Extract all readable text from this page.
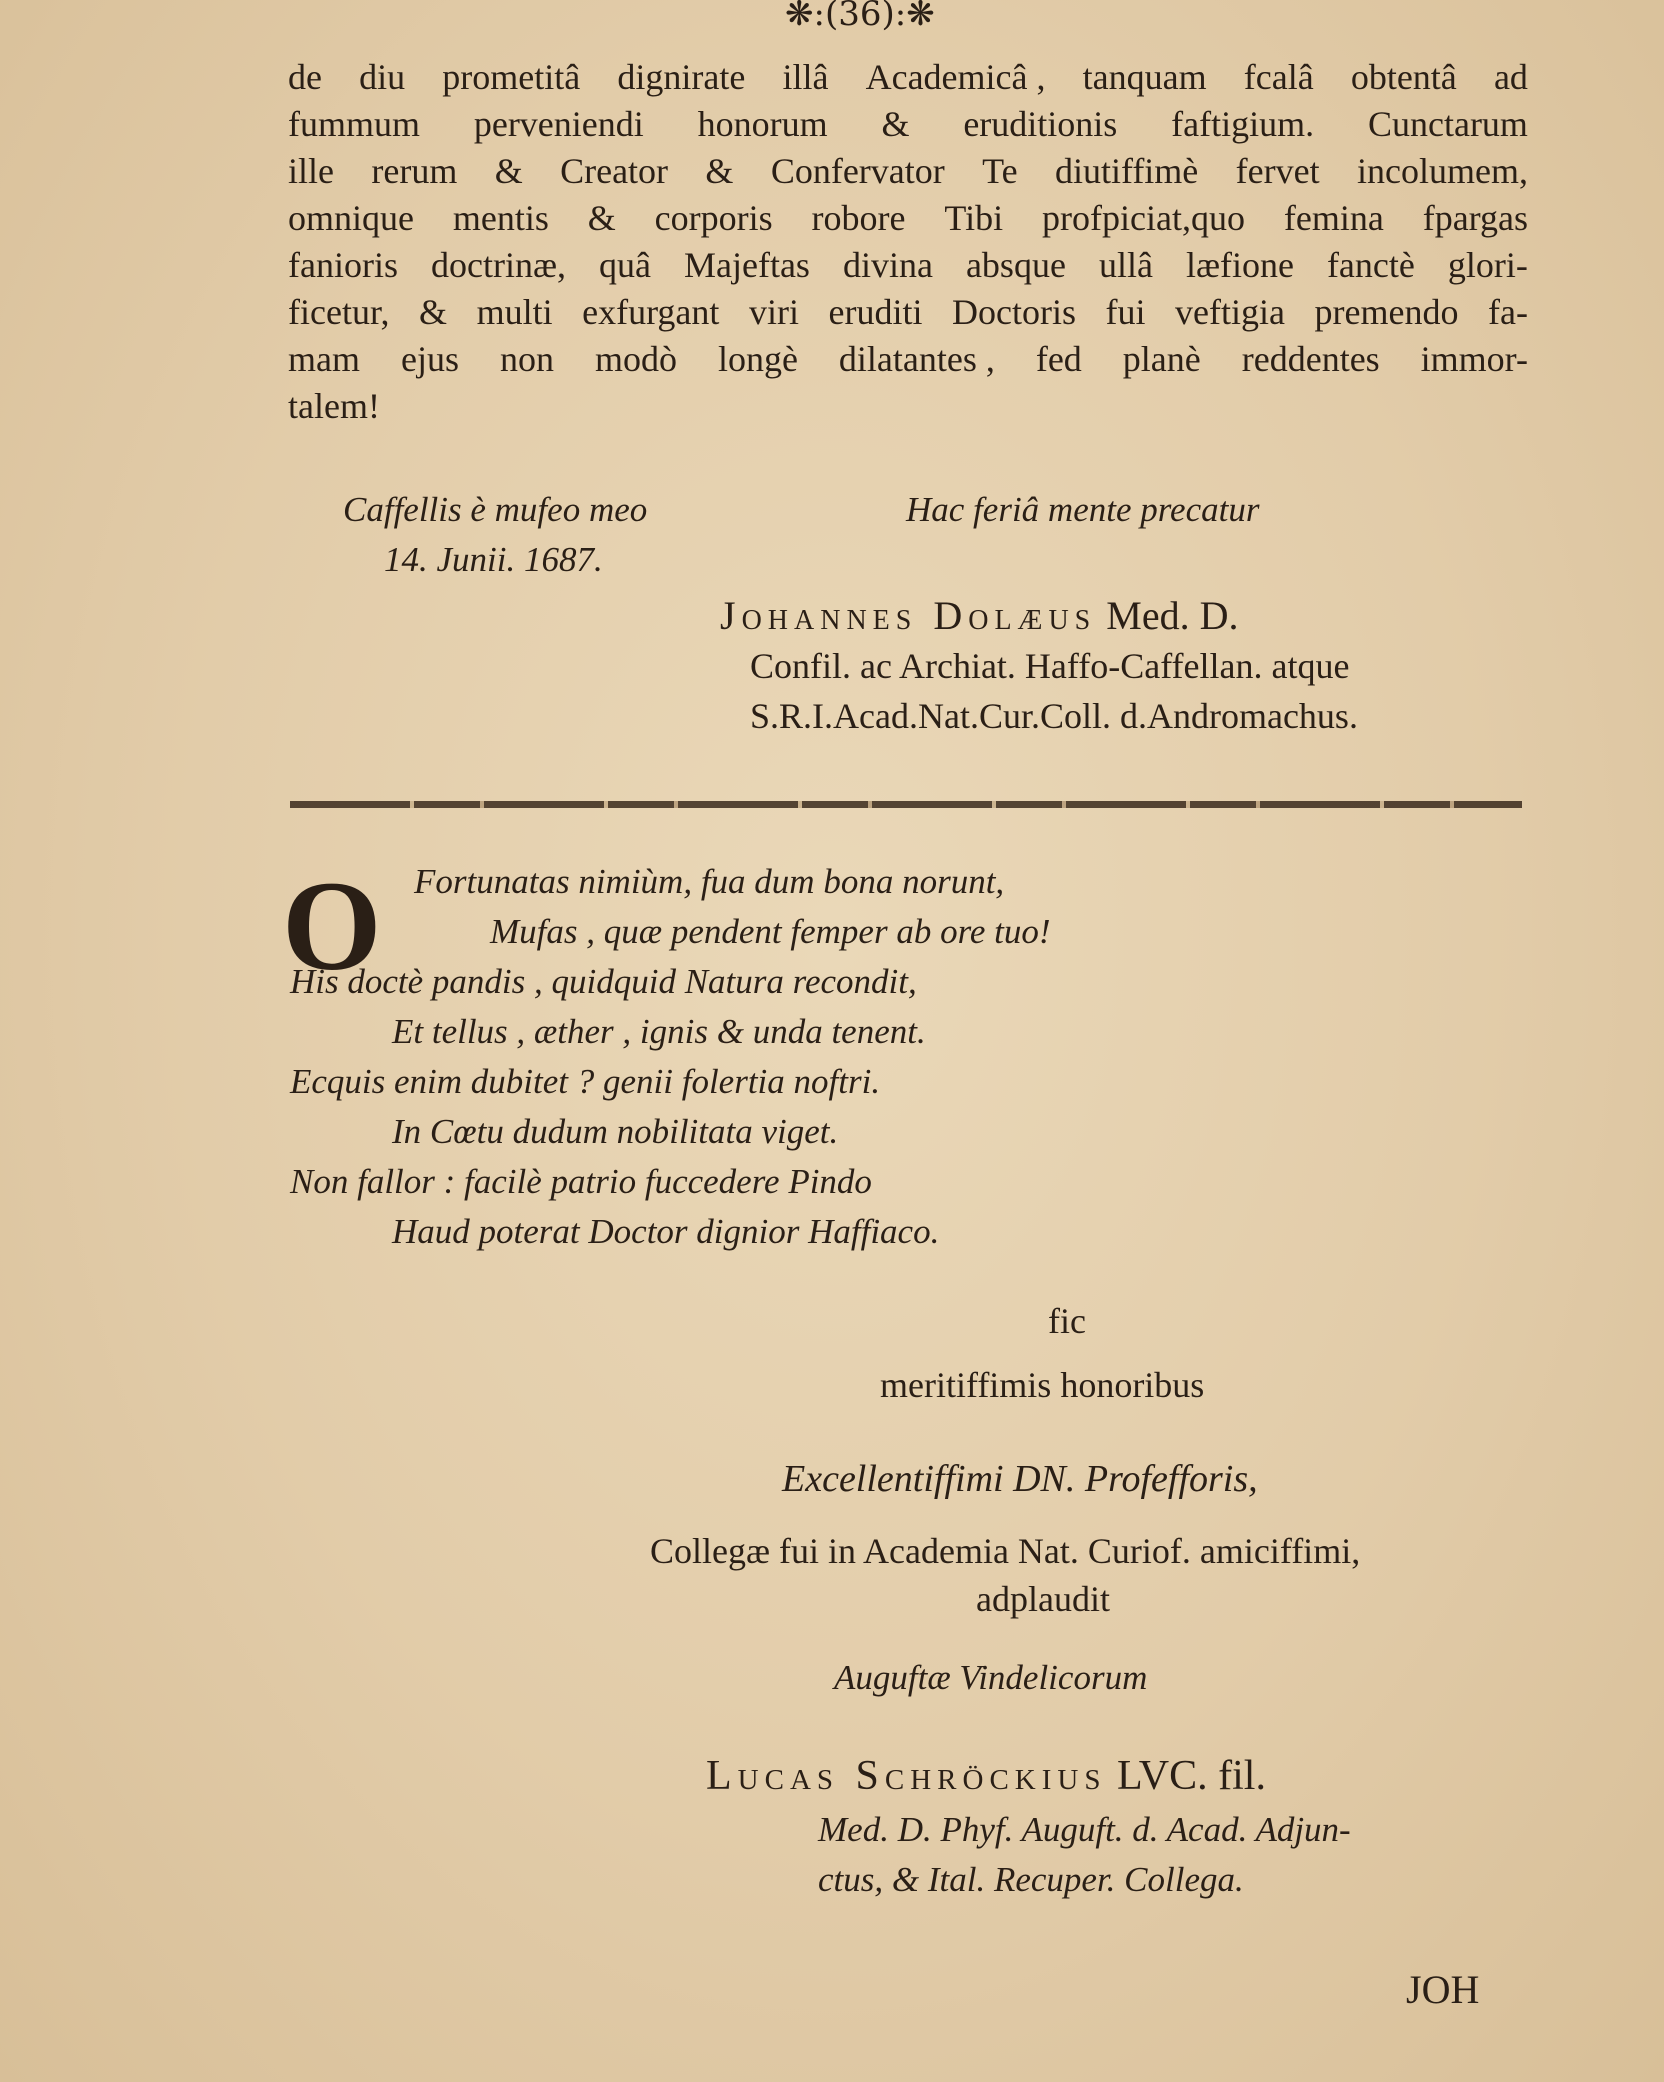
❋:(36):❋
de diu prometitâ dignirate illâ Academicâ , tanquam fcalâ obtentâ ad
fummum perveniendi honorum & eruditionis faftigium. Cunctarum
ille rerum & Creator & Confervator Te diutiffimè fervet incolumem,
omnique mentis & corporis robore Tibi profpiciat,quo femina fpargas
fanioris doctrinæ, quâ Majeftas divina absque ullâ læfione fanctè glori-
ficetur, & multi exfurgant viri eruditi Doctoris fui veftigia premendo fa-
mam ejus non modò longè dilatantes , fed planè reddentes immor-
talem!
Caffellis è mufeo meo
14. Junii. 1687.
Hac feriâ mente precatur
Johannes Dolæus Med. D.
Confil. ac Archiat. Haffo-Caffellan. atque
S.R.I.Acad.Nat.Cur.Coll. d.Andromachus.
O Fortunatas nimiùm, fua dum bona norunt,
Mufas , quæ pendent femper ab ore tuo!
His doctè pandis , quidquid Natura recondit,
Et tellus , æther , ignis & unda tenent.
Ecquis enim dubitet ? genii folertia noftri.
In Cœtu dudum nobilitata viget.
Non fallor : facilè patrio fuccedere Pindo
Haud poterat Doctor dignior Haffiaco.
fic
meritiffimis honoribus
Excellentiffimi DN. Profefforis,
Collegæ fui in Academia Nat. Curiof. amiciffimi,
adplaudit
Auguftæ Vindelicorum
Lucas Schröckius LVC. fil.
Med. D. Phyf. Auguft. d. Acad. Adjun-
ctus, & Ital. Recuper. Collega.
JOH
